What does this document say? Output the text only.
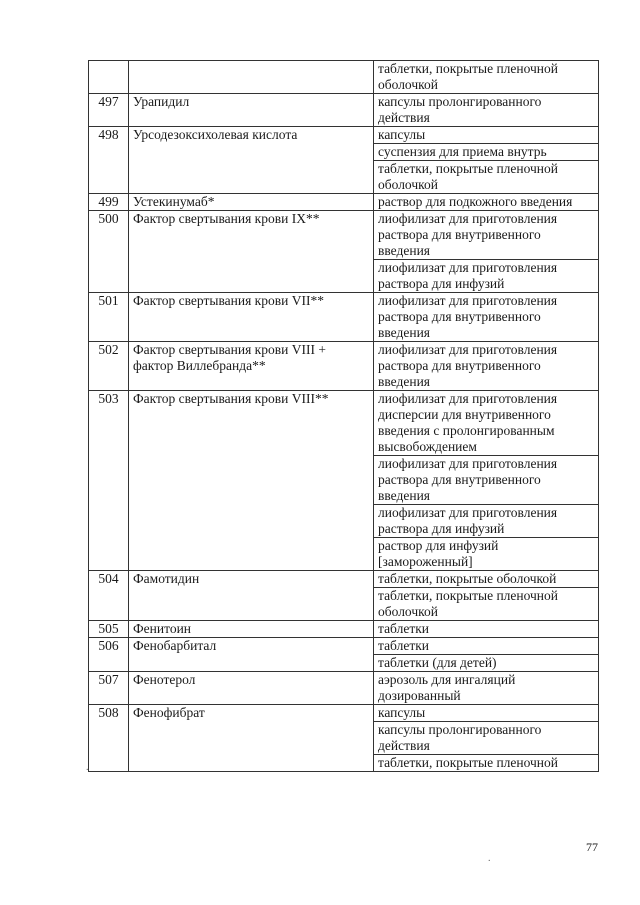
		таблетки, покрытые пленочной оболочкой
497	Урапидил	капсулы пролонгированного действия
498	Урсодезоксихолевая кислота	капсулы
		суспензия для приема внутрь
		таблетки, покрытые пленочной оболочкой
499	Устекинумаб*	раствор для подкожного введения
500	Фактор свертывания крови IX**	лиофилизат для приготовления раствора для внутривенного введения
		лиофилизат для приготовления раствора для инфузий
501	Фактор свертывания крови VII**	лиофилизат для приготовления раствора для внутривенного введения
502	Фактор свертывания крови VIII + фактор Виллебранда**	лиофилизат для приготовления раствора для внутривенного введения
503	Фактор свертывания крови VIII**	лиофилизат для приготовления дисперсии для внутривенного введения с пролонгированным высвобождением
		лиофилизат для приготовления раствора для внутривенного введения
		лиофилизат для приготовления раствора для инфузий
		раствор для инфузий [замороженный]
504	Фамотидин	таблетки, покрытые оболочкой
		таблетки, покрытые пленочной оболочкой
505	Фенитоин	таблетки
506	Фенобарбитал	таблетки
		таблетки (для детей)
507	Фенотерол	аэрозоль для ингаляций дозированный
508	Фенофибрат	капсулы
		капсулы пролонгированного действия
		таблетки, покрытые пленочной
77
.
.
